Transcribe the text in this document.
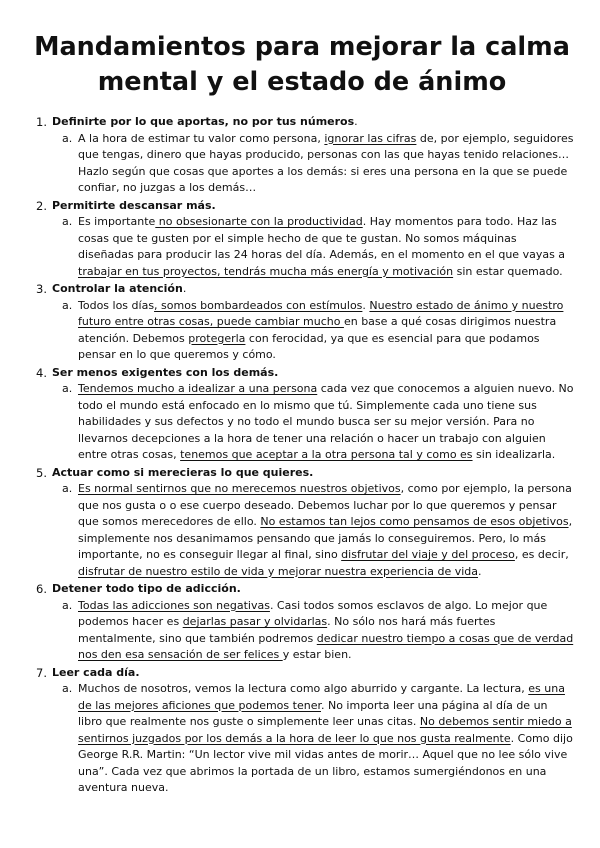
Mandamientos para mejorar la calma mental y el estado de ánimo
1. Definirte por lo que aportas, no por tus números.
a. A la hora de estimar tu valor como persona, ignorar las cifras de, por ejemplo, seguidores que tengas, dinero que hayas producido, personas con las que hayas tenido relaciones… Hazlo según que cosas que aportes a los demás: si eres una persona en la que se puede confiar, no juzgas a los demás…
2. Permitirte descansar más.
a. Es importante no obsesionarte con la productividad. Hay momentos para todo. Haz las cosas que te gusten por el simple hecho de que te gustan. No somos máquinas diseñadas para producir las 24 horas del día. Además, en el momento en el que vayas a trabajar en tus proyectos, tendrás mucha más energía y motivación sin estar quemado.
3. Controlar la atención.
a. Todos los días, somos bombardeados con estímulos. Nuestro estado de ánimo y nuestro futuro entre otras cosas, puede cambiar mucho en base a qué cosas dirigimos nuestra atención. Debemos protegerla con ferocidad, ya que es esencial para que podamos pensar en lo que queremos y cómo.
4. Ser menos exigentes con los demás.
a. Tendemos mucho a idealizar a una persona cada vez que conocemos a alguien nuevo. No todo el mundo está enfocado en lo mismo que tú. Simplemente cada uno tiene sus habilidades y sus defectos y no todo el mundo busca ser su mejor versión. Para no llevarnos decepciones a la hora de tener una relación o hacer un trabajo con alguien entre otras cosas, tenemos que aceptar a la otra persona tal y como es sin idealizarla.
5. Actuar como si merecieras lo que quieres.
a. Es normal sentirnos que no merecemos nuestros objetivos, como por ejemplo, la persona que nos gusta o o ese cuerpo deseado. Debemos luchar por lo que queremos y pensar que somos merecedores de ello. No estamos tan lejos como pensamos de esos objetivos, simplemente nos desanimamos pensando que jamás lo conseguiremos. Pero, lo más importante, no es conseguir llegar al final, sino disfrutar del viaje y del proceso, es decir, disfrutar de nuestro estilo de vida y mejorar nuestra experiencia de vida.
6. Detener todo tipo de adicción.
a. Todas las adicciones son negativas. Casi todos somos esclavos de algo. Lo mejor que podemos hacer es dejarlas pasar y olvidarlas. No sólo nos hará más fuertes mentalmente, sino que también podremos dedicar nuestro tiempo a cosas que de verdad nos den esa sensación de ser felices y estar bien.
7. Leer cada día.
a. Muchos de nosotros, vemos la lectura como algo aburrido y cargante. La lectura, es una de las mejores aficiones que podemos tener. No importa leer una página al día de un libro que realmente nos guste o simplemente leer unas citas. No debemos sentir miedo a sentirnos juzgados por los demás a la hora de leer lo que nos gusta realmente. Como dijo George R.R. Martin: “Un lector vive mil vidas antes de morir… Aquel que no lee sólo vive una”. Cada vez que abrimos la portada de un libro, estamos sumergiéndonos en una aventura nueva.
